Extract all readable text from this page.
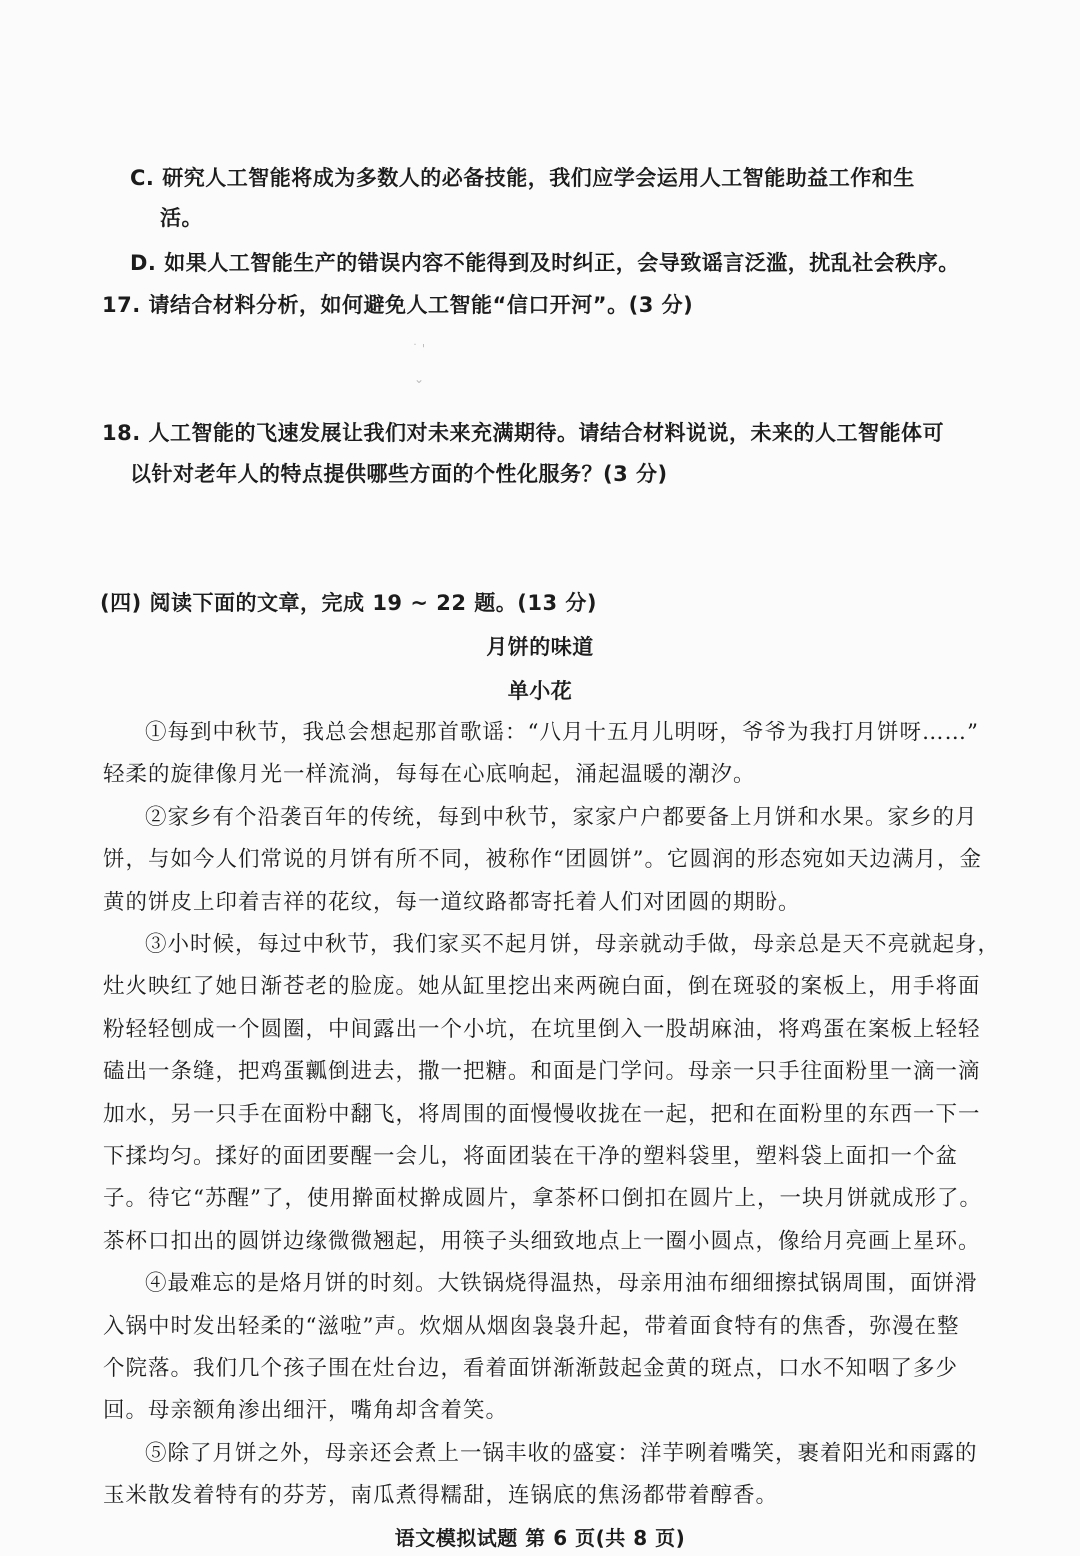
C. 研究人工智能将成为多数人的必备技能，我们应学会运用人工智能助益工作和生
活。
D. 如果人工智能生产的错误内容不能得到及时纠正，会导致谣言泛滥，扰乱社会秩序。
17. 请结合材料分析，如何避免人工智能“信口开河”。(3 分)
˙ '
⌄
18. 人工智能的飞速发展让我们对未来充满期待。请结合材料说说，未来的人工智能体可
以针对老年人的特点提供哪些方面的个性化服务？(3 分)
(四) 阅读下面的文章，完成 19 ~ 22 题。(13 分)
月饼的味道
单小花
①每到中秋节，我总会想起那首歌谣：“八月十五月儿明呀，爷爷为我打月饼呀……”
轻柔的旋律像月光一样流淌，每每在心底响起，涌起温暖的潮汐。
②家乡有个沿袭百年的传统，每到中秋节，家家户户都要备上月饼和水果。家乡的月
饼，与如今人们常说的月饼有所不同，被称作“团圆饼”。它圆润的形态宛如天边满月，金
黄的饼皮上印着吉祥的花纹，每一道纹路都寄托着人们对团圆的期盼。
③小时候，每过中秋节，我们家买不起月饼，母亲就动手做，母亲总是天不亮就起身，
灶火映红了她日渐苍老的脸庞。她从缸里挖出来两碗白面，倒在斑驳的案板上，用手将面
粉轻轻刨成一个圆圈，中间露出一个小坑，在坑里倒入一股胡麻油，将鸡蛋在案板上轻轻
磕出一条缝，把鸡蛋瓤倒进去，撒一把糖。和面是门学问。母亲一只手往面粉里一滴一滴
加水，另一只手在面粉中翻飞，将周围的面慢慢收拢在一起，把和在面粉里的东西一下一
下揉均匀。揉好的面团要醒一会儿，将面团装在干净的塑料袋里，塑料袋上面扣一个盆
子。待它“苏醒”了，使用擀面杖擀成圆片，拿茶杯口倒扣在圆片上，一块月饼就成形了。
茶杯口扣出的圆饼边缘微微翘起，用筷子头细致地点上一圈小圆点，像给月亮画上星环。
④最难忘的是烙月饼的时刻。大铁锅烧得温热，母亲用油布细细擦拭锅周围，面饼滑
入锅中时发出轻柔的“滋啦”声。炊烟从烟囱袅袅升起，带着面食特有的焦香，弥漫在整
个院落。我们几个孩子围在灶台边，看着面饼渐渐鼓起金黄的斑点，口水不知咽了多少
回。母亲额角渗出细汗，嘴角却含着笑。
⑤除了月饼之外，母亲还会煮上一锅丰收的盛宴：洋芋咧着嘴笑，裹着阳光和雨露的
玉米散发着特有的芬芳，南瓜煮得糯甜，连锅底的焦汤都带着醇香。
语文模拟试题 第 6 页(共 8 页)
